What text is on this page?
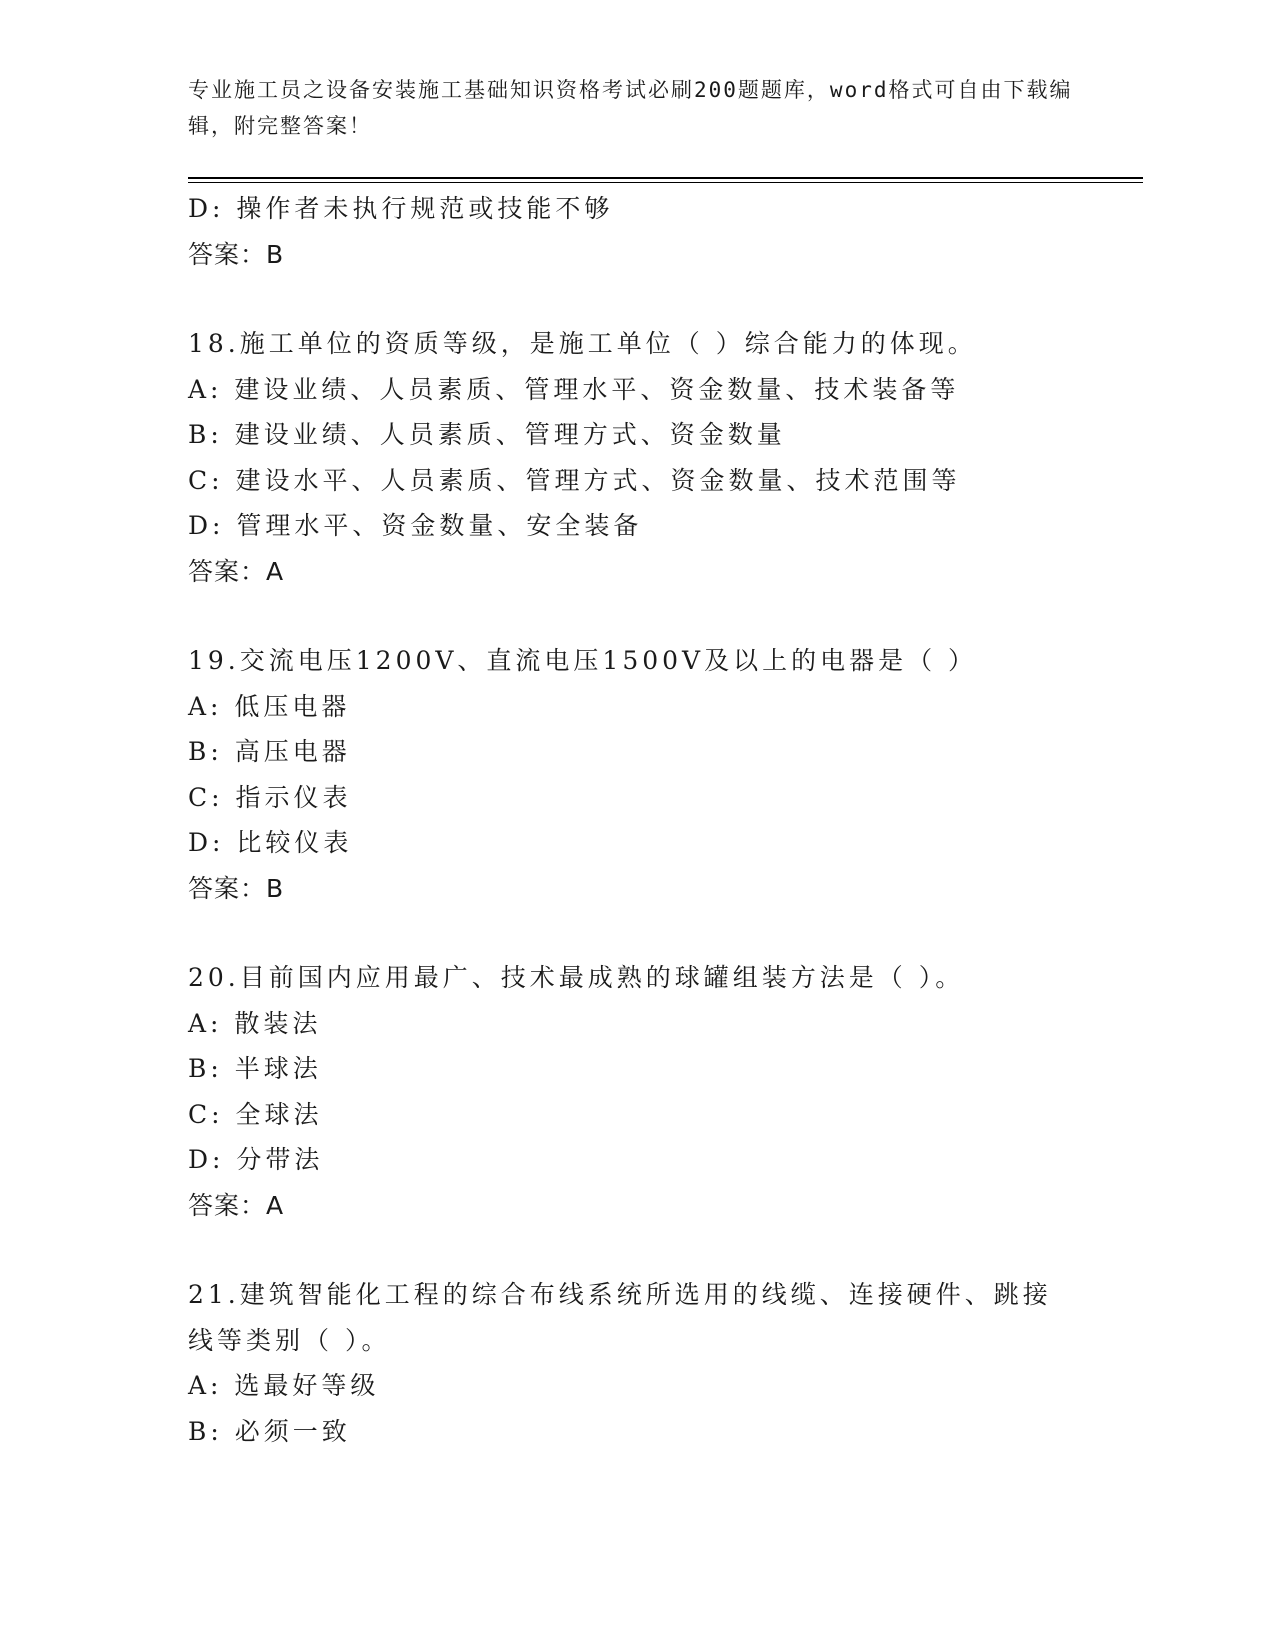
专业施工员之设备安装施工基础知识资格考试必刷200题题库，word格式可自由下载编辑，附完整答案！
D: 操作者未执行规范或技能不够
答案：B
18.施工单位的资质等级，是施工单位（ ）综合能力的体现。
A: 建设业绩、人员素质、管理水平、资金数量、技术装备等
B: 建设业绩、人员素质、管理方式、资金数量
C: 建设水平、人员素质、管理方式、资金数量、技术范围等
D: 管理水平、资金数量、安全装备
答案：A
19.交流电压1200V、直流电压1500V及以上的电器是（ ）
A: 低压电器
B: 高压电器
C: 指示仪表
D: 比较仪表
答案：B
20.目前国内应用最广、技术最成熟的球罐组装方法是（ ）。
A: 散装法
B: 半球法
C: 全球法
D: 分带法
答案：A
21.建筑智能化工程的综合布线系统所选用的线缆、连接硬件、跳接线等类别（ ）。
A: 选最好等级
B: 必须一致
